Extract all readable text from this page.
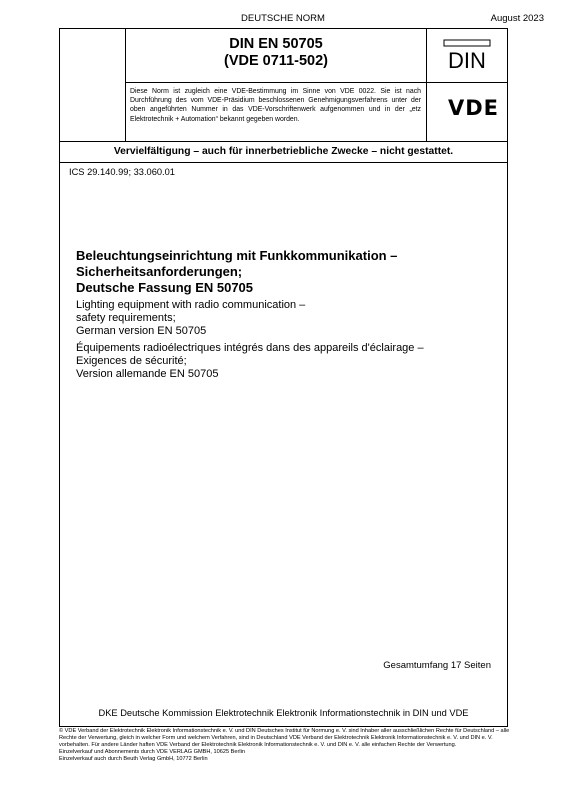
DEUTSCHE NORM	August 2023
DIN EN 50705
(VDE 0711-502)
Diese Norm ist zugleich eine VDE-Bestimmung im Sinne von VDE 0022. Sie ist nach Durchführung des vom VDE-Präsidium beschlossenen Genehmigungsverfahrens unter der oben angeführten Nummer in das VDE-Vorschriftenwerk aufgenommen und in der „etz Elektrotechnik + Automation“ bekannt gegeben worden.
DIN
VDE
Vervielfältigung – auch für innerbetriebliche Zwecke – nicht gestattet.
ICS 29.140.99; 33.060.01
Beleuchtungseinrichtung mit Funkkommunikation –
Sicherheitsanforderungen;
Deutsche Fassung EN 50705
Lighting equipment with radio communication –
safety requirements;
German version EN 50705
Équipements radioélectriques intégrés dans des appareils d'éclairage –
Exigences de sécurité;
Version allemande EN 50705
Gesamtumfang 17 Seiten
DKE Deutsche Kommission Elektrotechnik Elektronik Informationstechnik in DIN und VDE

© VDE Verband der Elektrotechnik Elektronik Informationstechnik e. V. und DIN Deutsches Institut für Normung e. V. sind Inhaber aller ausschließlichen Rechte für Deutschland – alle Rechte der Verwertung, gleich in welcher Form und welchem Verfahren, sind in Deutschland VDE Verband der Elektrotechnik Elektronik Informationstechnik e. V. und DIN e. V. vorbehalten. Für andere Länder haften VDE Verband der Elektrotechnik Elektronik Informationstechnik e. V. und DIN e. V. alle einfachen Rechte der Verwertung.

Einzelverkauf und Abonnements durch VDE VERLAG GMBH, 10625 Berlin

Einzelverkauf auch durch Beuth Verlag GmbH, 10772 Berlin
